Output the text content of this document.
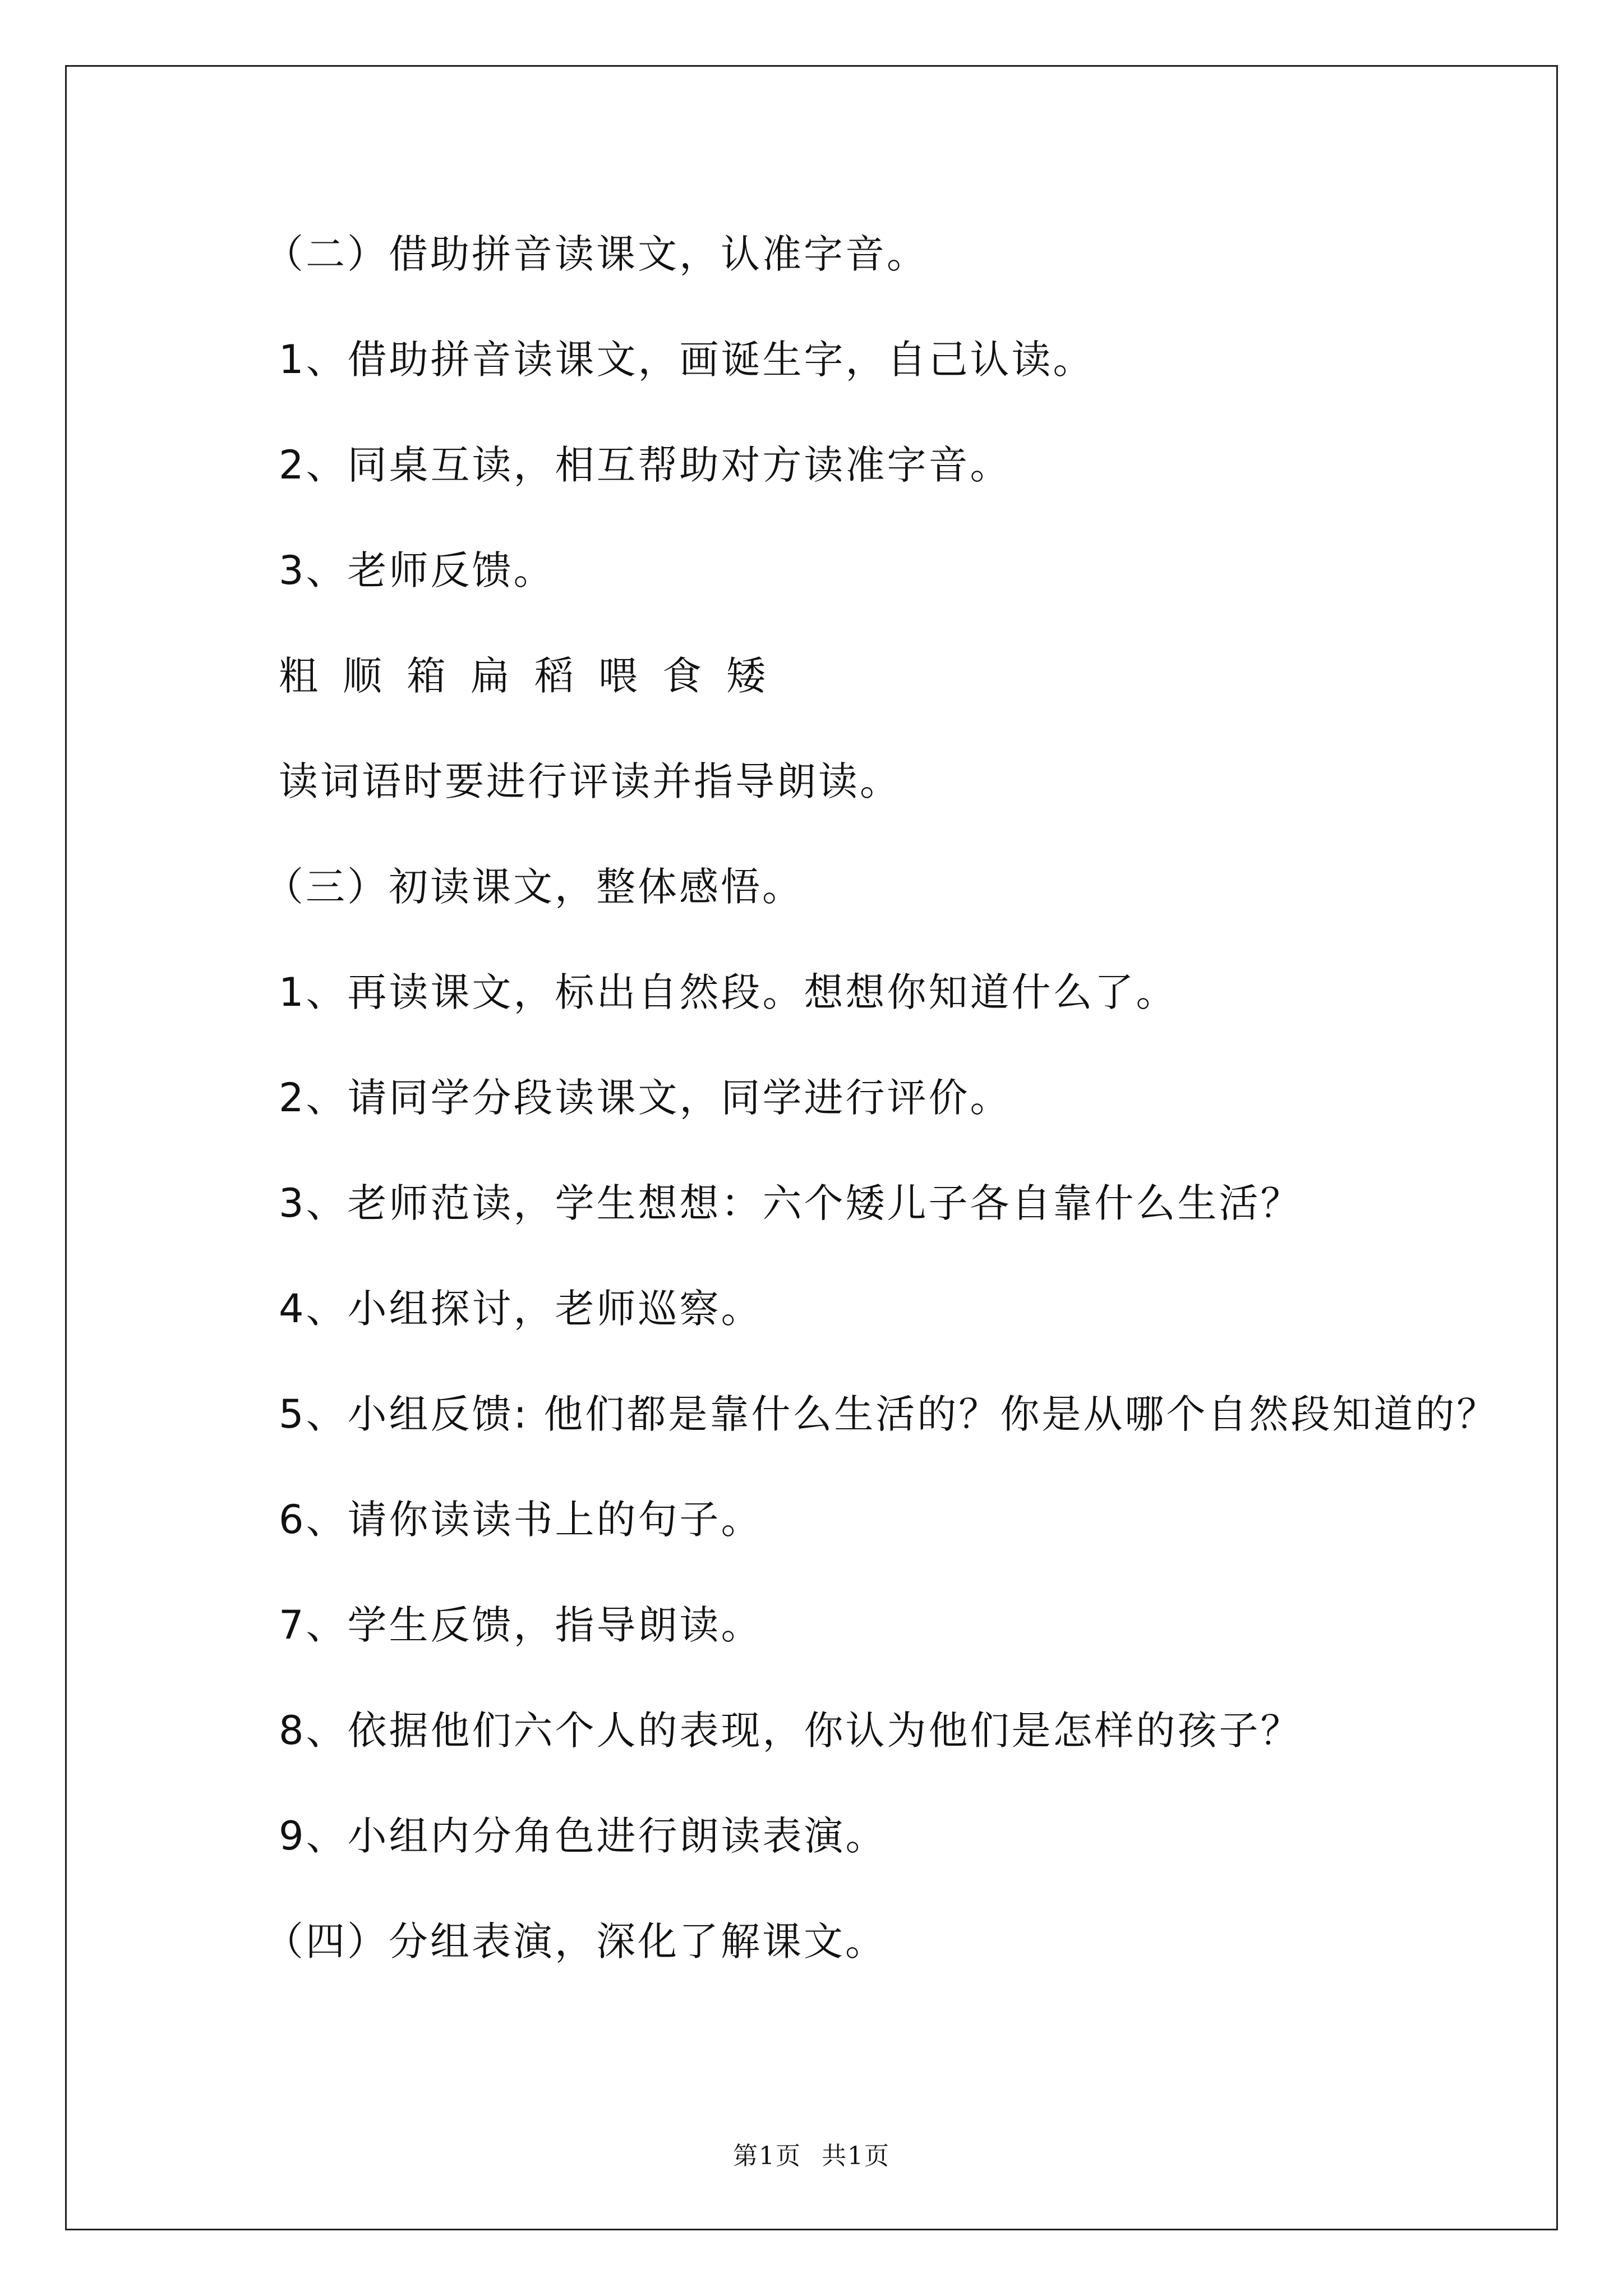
（二）借助拼音读课文，认准字音。
1、借助拼音读课文，画诞生字，自己认读。
2、同桌互读，相互帮助对方读准字音。
3、老师反馈。
粗顺箱扁稻喂食矮
读词语时要进行评读并指导朗读。
（三）初读课文，整体感悟。
1、再读课文，标出自然段。想想你知道什么了。
2、请同学分段读课文，同学进行评价。
3、老师范读，学生想想：六个矮儿子各自靠什么生活？
4、小组探讨，老师巡察。
5、小组反馈: 他们都是靠什么生活的？你是从哪个自然段知道的？
6、请你读读书上的句子。
7、学生反馈，指导朗读。
8、依据他们六个人的表现，你认为他们是怎样的孩子？
9、小组内分角色进行朗读表演。
（四）分组表演，深化了解课文。
第1页 共1页
